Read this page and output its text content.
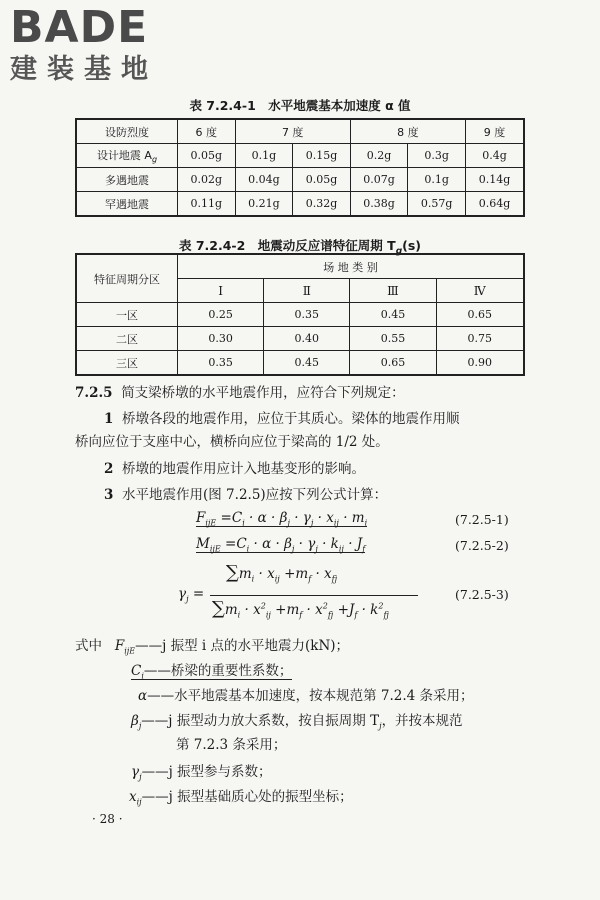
BADE
建装基地
表 7.2.4-1　水平地震基本加速度 α 值
设防烈度	6 度	7 度		8 度		9 度
设计地震 $A_g$	0.05g	0.1g	0.15g	0.2g	0.3g	0.4g
多遇地震	0.02g	0.04g	0.05g	0.07g	0.1g	0.14g
罕遇地震	0.11g	0.21g	0.32g	0.38g	0.57g	0.64g
表 7.2.4-2　地震动反应谱特征周期 $T_g(s)$
特征周期分区	场 地 类 别			
	Ⅰ	Ⅱ	Ⅲ	Ⅳ
一区	0.25	0.35	0.45	0.65
二区	0.30	0.40	0.55	0.75
三区	0.35	0.45	0.65	0.90
7.2.5 简支梁桥墩的水平地震作用，应符合下列规定：
1 桥墩各段的地震作用，应位于其质心。梁体的地震作用顺
桥向应位于支座中心，横桥向应位于梁高的 1/2 处。
2 桥墩的地震作用应计入地基变形的影响。
3 水平地震作用(图 7.2.5)应按下列公式计算：
$F_{ijE} =C_i \cdot \alpha \cdot \beta_j \cdot \gamma_j \cdot x_{ij} \cdot m_i$	(7.2.5-1)
$M_{ijE} =C_i \cdot \alpha \cdot \beta_j \cdot \gamma_j \cdot k_{ij} \cdot J_f$	(7.2.5-2)
$\sum m_i \cdot x_{ij} +m_f \cdot x_{fj}$
$\gamma_j$ =
$\sum m_i \cdot x^2_{ij} +m_f \cdot x^2_{fj} +J_f \cdot k^2_{fj}$
(7.2.5-3)
式中 $F_{ijE}——j$ 振型 i 点的水平地震力(kN)；
$C_i——$桥梁的重要性系数；
α——水平地震基本加速度，按本规范第 7.2.4 条采用；
$\beta_j——j$ 振型动力放大系数，按自振周期 $T_j$，并按本规范
第 7.2.3 条采用；
$\gamma_j——j$ 振型参与系数；
$x_{ij}——j$ 振型基础质心处的振型坐标；
· 28 ·
